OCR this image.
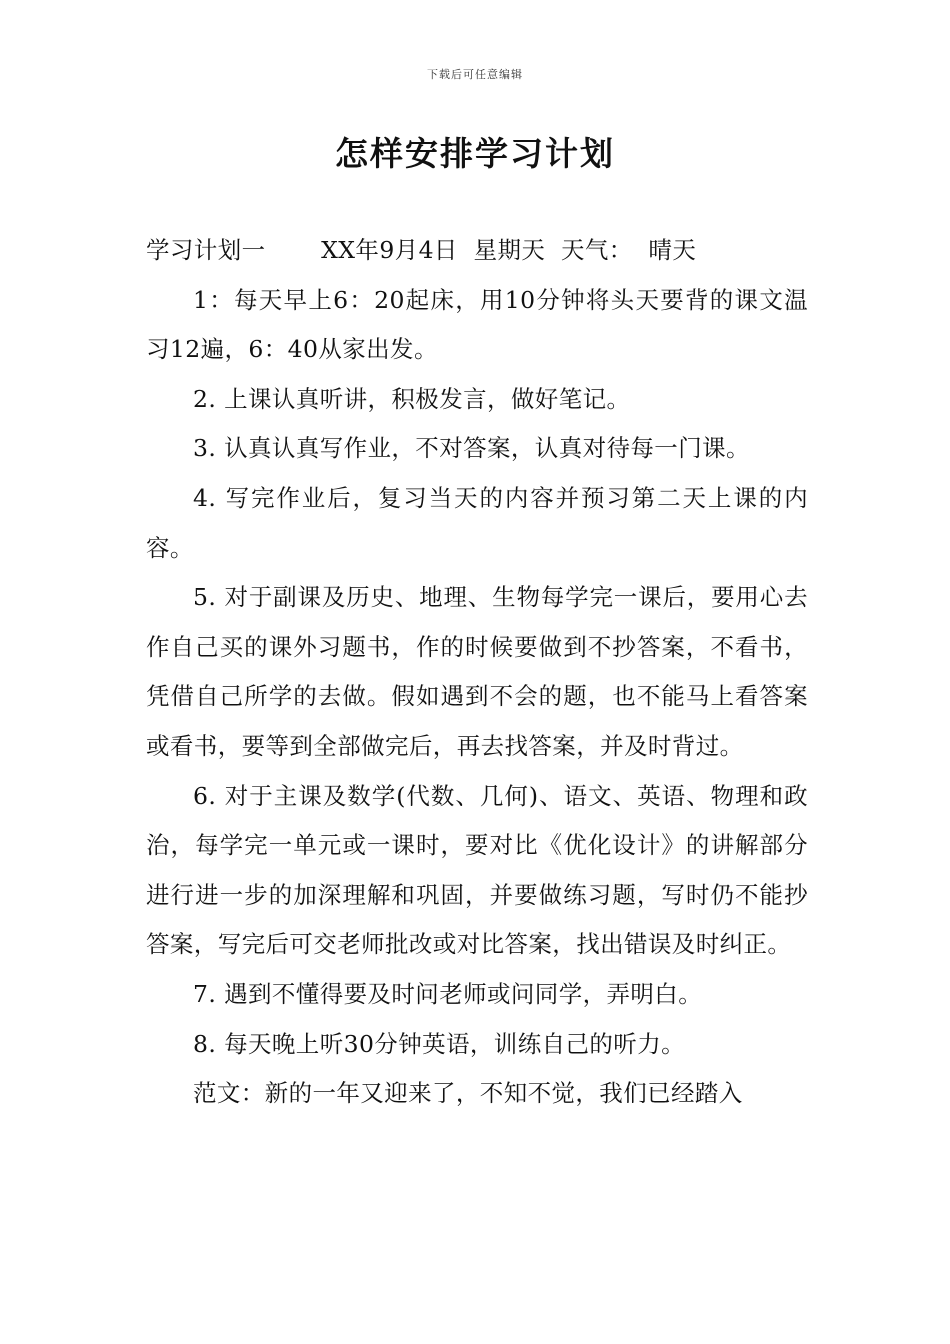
下载后可任意编辑
怎样安排学习计划

学习计划一　　 XX年9月4日  星期天  天气：  晴天

1：每天早上6：20起床，用10分钟将头天要背的课文温习12遍，6：40从家出发。

2. 上课认真听讲，积极发言，做好笔记。

3. 认真认真写作业，不对答案，认真对待每一门课。

4. 写完作业后，复习当天的内容并预习第二天上课的内容。

5. 对于副课及历史、地理、生物每学完一课后，要用心去作自己买的课外习题书，作的时候要做到不抄答案，不看书，凭借自己所学的去做。假如遇到不会的题，也不能马上看答案或看书，要等到全部做完后，再去找答案，并及时背过。

6. 对于主课及数学(代数、几何)、语文、英语、物理和政治，每学完一单元或一课时，要对比《优化设计》的讲解部分进行进一步的加深理解和巩固，并要做练习题，写时仍不能抄答案，写完后可交老师批改或对比答案，找出错误及时纠正。

7. 遇到不懂得要及时问老师或问同学，弄明白。

8. 每天晚上听30分钟英语，训练自己的听力。

范文：新的一年又迎来了，不知不觉，我们已经踏入
